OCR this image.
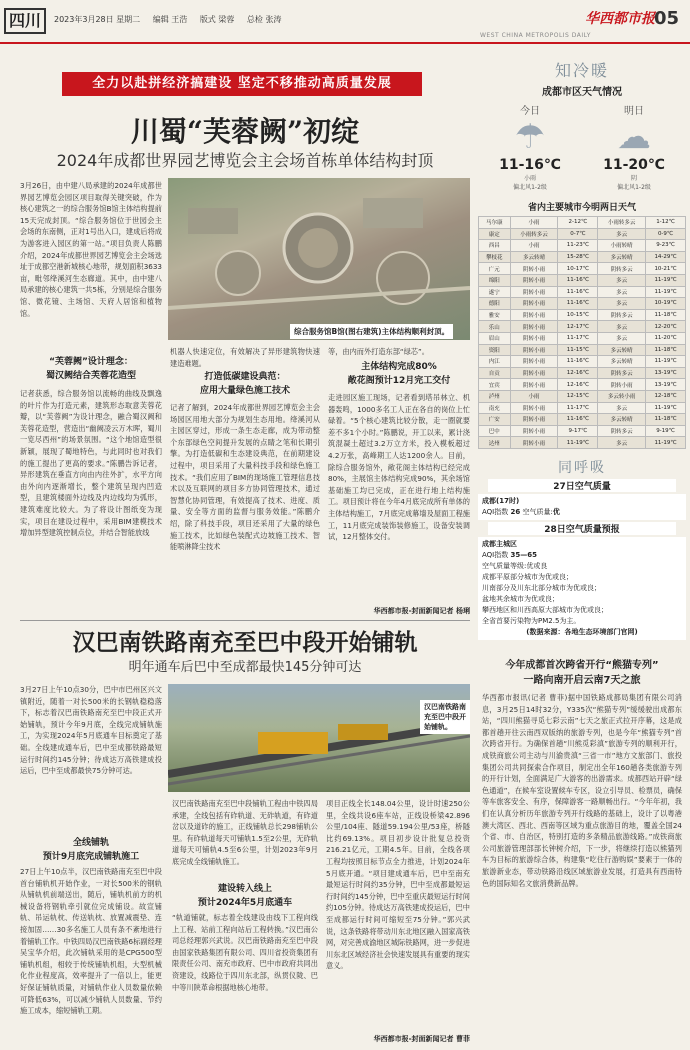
四川	2023年3月28日 星期二 编辑 王浩 版式 梁蓉 总检 张涛
WEST CHINA METROPOLIS DAILY
华西都市报 05
全力以赴拼经济搞建设 坚定不移推动高质量发展
川蜀“芙蓉阙”初绽
2024年成都世界园艺博览会主会场首栋单体结构封顶
3月26日，由中建八局承建的2024年成都世界园艺博览会园区项目取得关键突破，作为核心建筑之一的综合服务馆B馆主体结构提前15天完成封顶。“综合服务馆位于世园会主会场的东南侧，正对1号出入口，建成后将成为游客进入园区的第一站。”项目负责人陈鹏介绍，2024年成都世界园艺博览会主会场选址于成都空港新城核心地带，规划面积3633亩，毗邻绛溪河生态廊道。其中，由中建八局承建的核心建筑一共5栋，分别是综合服务馆、微花镜、主场馆、天府人居馆和植物馆。
综合服务馆B馆(图右建筑)主体结构顺利封顶。
“芙蓉阙”设计理念：
蜀汉阙结合芙蓉花造型
记者获悉，综合服务馆以流畅的曲线及飘逸的叶片作为打造元素，建筑形态取意芙蓉花瓣，以“芙蓉阙”为设计理念，融合蜀汉阙和芙蓉花造型，营造出“幽阙凌云万木晖，蜀川一览尽西州”的场景氛围。“这个地馆造型很新颖，展现了蜀地特色，与此同时也对我们的施工提出了更高的要求。”陈鹏告诉记者，异形建筑在垂直方向由内往外扩，水平方向由外向内逐渐增长，整个建筑呈现内凹造型，且建筑楼面外边线及内边线均为弧形，建筑难度比较大。为了将设计图纸变为现实，项目在建设过程中，采用BIM建模技术增加异型建筑控制点位，并结合智能放线
机器人快速定位，有效解决了异形建筑物快速建造难题。
打造低碳建设典范：
应用大量绿色施工技术
记者了解到，2024年成都世界园艺博览会主会场园区用地大部分为规划生态用地。绛溪河从主园区穿过，形成一条生态走廊，成为带动整个东部绿色空间提升发展的点睛之笔和长期引擎。为打造低碳和生态建设典范，在前期建设过程中，项目采用了大量科技手段和绿色施工技术。“我们应用了BIM的现场施工管理信息技术以及互联网的项目多方协同管理技术，通过智慧化协同管理，有效提高了技术、进度、质量、安全等方面的监督与服务效能。”陈鹏介绍，除了科技手段，项目还采用了大量的绿色施工技术，比如绿色装配式边坡施工技术、智能喷淋降尘技术
等，由内而外打造东部“绿芯”。
主体结构完成80%
敞花阁预计12月完工交付
走进园区施工现场，记者看到塔吊林立、机器轰鸣，1000多名工人正在各自的岗位上忙碌着。“5个核心建筑比较分散，走一圈就要差不多1个小时。”陈鹏说，开工以来，累计浇筑混凝土超过3.2万立方米，投入模板超过4.2万张，高峰期工人达1200余人。目前，除综合服务馆外，敞花阁主体结构已经完成80%，主展馆主体结构完成90%，其余场馆基础施工均已完成，正在进行地上结构施工。项目预计将在今年4月底完成所有单体的主体结构施工，7月底完成幕墙及屋面工程施工，11月底完成装饰装修施工，设备安装调试，12月整体交付。
华西都市报-封面新闻记者 杨琍
汉巴南铁路南充至巴中段开始铺轨
明年通车后巴中至成都最快145分钟可达
3月27日上午10点30分，巴中市巴州区兴文镇附近，随着一对长500米的长钢轨稳稳落下，标志着汉巴南铁路南充至巴中段正式开始铺轨，预计今年9月底，全线完成铺轨施工，为实现2024年5月底通车目标奠定了基础。全线建成通车后，巴中至成都铁路最短运行时间约145分钟；待成达万高铁建成投运后，巴中至成都最快75分钟可达。
汉巴南铁路南充至巴中段开始铺轨。
全线铺轨
预计9月底完成铺轨施工
27日上午10点半，汉巴南铁路南充至巴中段首台铺轨机开始作业，一对长500米的钢轨从铺轨机前端送出，随后，铺轨机前方的机械设备将钢轨牵引就位完成铺设。故宣铺轨、吊运轨枕、传送轨枕、放置减震垫、连接加固……30多名施工人员有条不紊地进行着铺轨工作。中铁四局汉巴南铁路6标副经理吴宝华介绍，此次铺轨采用的是CPG500型铺轨机组，相较于传统铺轨机组，大型机械化作业程度高，效率提升了一倍以上，能更好保证铺轨质量，对铺轨作业人员数量依赖可降低63%，可以减少铺轨人员数量、节约施工成本，缩短铺轨工期。
汉巴南铁路南充至巴中段铺轨工程由中铁四局承建，全线包括有砟轨道、无砟轨道，有砟道岔以及道砟的施工，正线铺轨总长298铺轨公里。有砟轨道每天可铺轨1.5至2公里，无砟轨道每天可铺轨4.5至6公里，计划2023年9月底完成全线铺轨施工。
建设转入线上
预计2024年5月底通车
“轨道铺就，标志着全线建设由线下工程向线上工程、站前工程向站后工程转换。”汉巴南公司总经理郭兴武说。汉巴南铁路南充至巴中段由国家铁路集团有限公司、四川省投资集团有限责任公司、南充市政府、巴中市政府共同出资建设，线路位于四川东北部，纵贯仪陇、巴中等川陕革命根据地核心地带。
项目正线全长148.04公里，设计时速250公里，全线共设6座车站，正线设桥梁42.896公里/104座、隧道59.194公里/53座，桥隧比约69.13%。项目初步设计批复总投资216.21亿元，工期4.5年。目前，全线各项工程均按照目标节点全力推进，计划2024年5月底开通。“项目建成通车后，巴中至南充最短运行时间约35分钟，巴中至成都最短运行时间约145分钟，巴中至重庆最短运行时间约105分钟。待成达万高铁建成投运后，巴中至成都运行时间可缩短至75分钟。”郭兴武说，这条铁路将带动川东北地区融入国家高铁网，对完善成渝地区城际铁路网，进一步促进川东北区域经济社会快速发展具有重要的现实意义。
华西都市报-封面新闻记者 曹菲
知冷暖
成都市区天气情况
今日
☂
11-16℃
小雨
偏北风1-2级
明日
☁
11-20℃
阴
偏北风1-2级
省内主要城市今明两日天气
马尔康	小雨	2-12℃	小雨转多云	1-12℃
康定	小雨转多云	0-7℃	多云	0-9℃
西昌	小雨	11-23℃	小雨转晴	9-23℃
攀枝花	多云转晴	15-28℃	多云转晴	14-29℃
广元	阴转小雨	10-17℃	阴转多云	10-21℃
绵阳	阴转小雨	11-16℃	多云	11-19℃
遂宁	阴转小雨	11-16℃	多云	11-19℃
德阳	阴转小雨	11-16℃	多云	10-19℃
雅安	阴转小雨	10-15℃	阴转多云	11-18℃
乐山	阴转小雨	12-17℃	多云	12-20℃
眉山	阴转小雨	11-17℃	多云	11-20℃
资阳	阴转小雨	11-15℃	多云转晴	11-18℃
内江	阴转小雨	11-16℃	多云转晴	11-19℃
自贡	阴转小雨	12-16℃	阴转多云	13-19℃
宜宾	阴转小雨	12-16℃	阴转小雨	13-19℃
泸州	小雨	12-15℃	多云转小雨	12-18℃
南充	阴转小雨	11-17℃	多云	11-19℃
广安	阴转小雨	11-16℃	多云转晴	11-18℃
巴中	阴转小雨	9-17℃	阴转多云	9-19℃
达州	阴转小雨	11-19℃	多云	11-19℃
同呼吸
27日空气质量
成都(17时)
AQI指数 26 空气质量:优
28日空气质量预报
成都主城区
AQI指数 35—65
空气质量等级:优或良
成都平原部分城市为优或良；
川南部分及川东北部分城市为优或良；
盆地其余城市为优或良；
攀西地区和川西高原大部城市为优或良；
全省首要污染物为PM2.5为主。
(数据来源：各地生态环境部门官网)
今年成都首次跨省开行“熊猫专列”
一路向南开启云南7天之旅
华西都市报讯(记者 曹菲)据中国铁路成都局集团有限公司消息，3月25日14时32分，Y335次“熊猫专列”缓缓驶出成都东站，“四川熊猫寻觅七彩云南”七天之旅正式拉开序幕，这是成都首趟开往云南西双版纳的旅游专列，也是今年“熊猫专列”首次跨省开行。为确保首趟“川熊觅彩滇”旅游专列的顺利开行，成铁商旅公司主动与川渝贵滇“三省一市”地方文旅部门、旅投集团公司共同探索合作项目，制定出全年160趟各类旅游专列的开行计划，全面满足广大游客的出游需求。成都西站开辟“绿色通道”，在候车室设置候车专区，设立引导员、检票员，确保等车旅客安全、有序，保障游客一路顺畅出行。“今年年初，我们在认真分析历年旅游专列开行线路的基础上，设计了以粤港澳大湾区、西北、西南等区域为重点旅游目的地，覆盖全国24个省、市、自治区，特别打造的多条精品旅游线路。”成铁商旅公司旅游管理部部长钟树介绍，下一步，将继续打造以熊猫列车为目标的旅游综合体，构建集“吃住行游购娱”要素于一体的旅游新业态，带动铁路沿线区域旅游业发展，打造具有西南特色的国际知名文旅消费新品牌。
